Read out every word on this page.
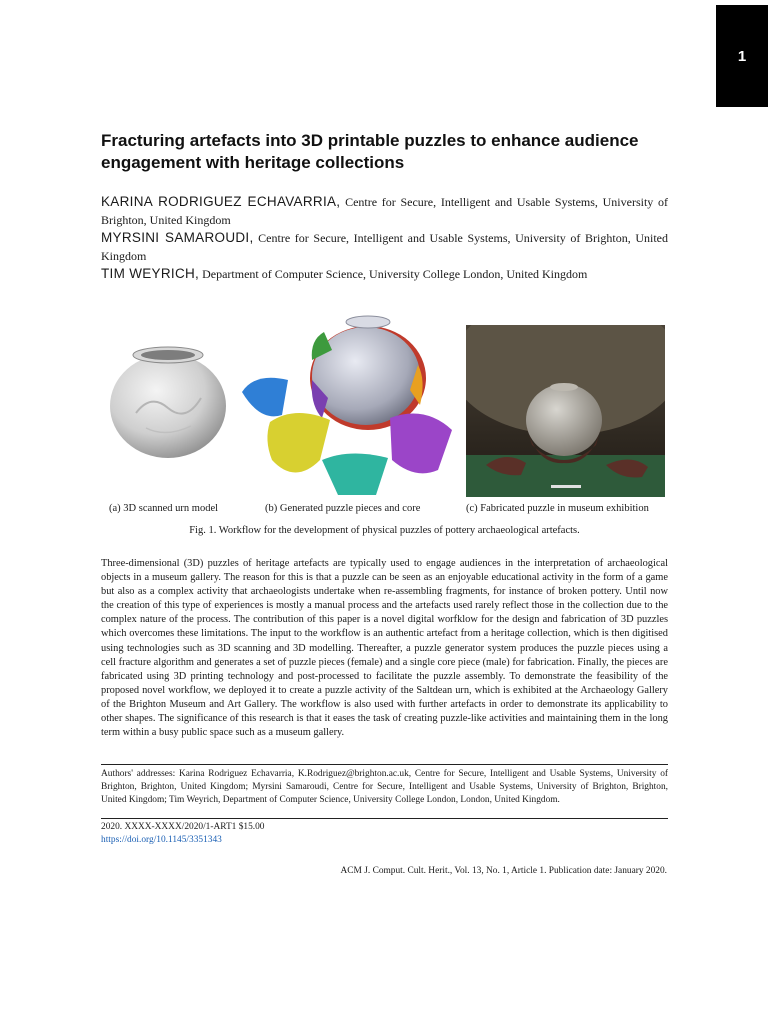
1
Fracturing artefacts into 3D printable puzzles to enhance audience engagement with heritage collections

KARINA RODRIGUEZ ECHAVARRIA, Centre for Secure, Intelligent and Usable Systems, University of Brighton, United Kingdom

MYRSINI SAMAROUDI, Centre for Secure, Intelligent and Usable Systems, University of Brighton, United Kingdom

TIM WEYRICH, Department of Computer Science, University College London, United Kingdom

(a) 3D scanned urn model	(b) Generated puzzle pieces and core	(c) Fabricated puzzle in museum exhibition
Fig. 1. Workflow for the development of physical puzzles of pottery archaeological artefacts.

Three-dimensional (3D) puzzles of heritage artefacts are typically used to engage audiences in the interpretation of archaeological objects in a museum gallery. The reason for this is that a puzzle can be seen as an enjoyable educational activity in the form of a game but also as a complex activity that archaeologists undertake when re-assembling fragments, for instance of broken pottery. Until now the creation of this type of experiences is mostly a manual process and the artefacts used rarely reflect those in the collection due to the complex nature of the process. The contribution of this paper is a novel digital worfklow for the design and fabrication of 3D puzzles which overcomes these limitations. The input to the workflow is an authentic artefact from a heritage collection, which is then digitised using technologies such as 3D scanning and 3D modelling. Thereafter, a puzzle generator system produces the puzzle pieces using a cell fracture algorithm and generates a set of puzzle pieces (female) and a single core piece (male) for fabrication. Finally, the pieces are fabricated using 3D printing technology and post-processed to facilitate the puzzle assembly. To demonstrate the feasibility of the proposed novel workflow, we deployed it to create a puzzle activity of the Saltdean urn, which is exhibited at the Archaeology Gallery of the Brighton Museum and Art Gallery. The workflow is also used with further artefacts in order to demonstrate its applicability to other shapes. The significance of this research is that it eases the task of creating puzzle-like activities and maintaining them in the long term within a busy public space such as a museum gallery.

Authors' addresses: Karina Rodriguez Echavarria, K.Rodriguez@brighton.ac.uk, Centre for Secure, Intelligent and Usable Systems, University of Brighton, Brighton, United Kingdom; Myrsini Samaroudi, Centre for Secure, Intelligent and Usable Systems, University of Brighton, Brighton, United Kingdom; Tim Weyrich, Department of Computer Science, University College London, London, United Kingdom.

2020. XXXX-XXXX/2020/1-ART1 $15.00
https://doi.org/10.1145/3351343
ACM J. Comput. Cult. Herit., Vol. 13, No. 1, Article 1. Publication date: January 2020.
